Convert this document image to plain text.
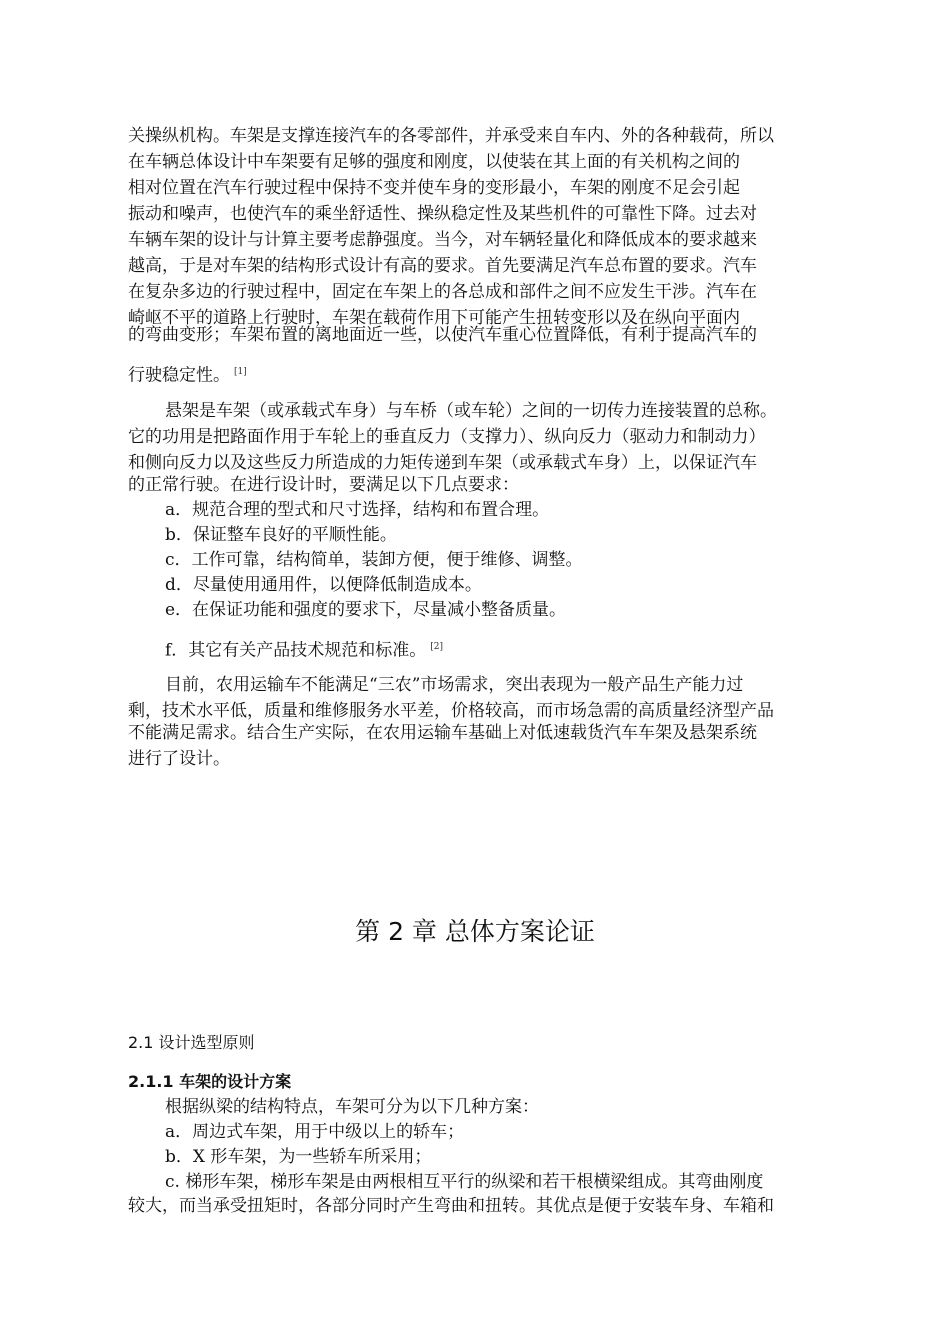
关操纵机构。车架是支撑连接汽车的各零部件，并承受来自车内、外的各种载荷，所以
在车辆总体设计中车架要有足够的强度和刚度，以使装在其上面的有关机构之间的
相对位置在汽车行驶过程中保持不变并使车身的变形最小，车架的刚度不足会引起
振动和噪声，也使汽车的乘坐舒适性、操纵稳定性及某些机件的可靠性下降。过去对
车辆车架的设计与计算主要考虑静强度。当今，对车辆轻量化和降低成本的要求越来
越高，于是对车架的结构形式设计有高的要求。首先要满足汽车总布置的要求。汽车
在复杂多边的行驶过程中，固定在车架上的各总成和部件之间不应发生干涉。汽车在
崎岖不平的道路上行驶时，车架在载荷作用下可能产生扭转变形以及在纵向平面内
的弯曲变形；车架布置的离地面近一些，以使汽车重心位置降低，有利于提高汽车的
行驶稳定性。 [1]
悬架是车架（或承载式车身）与车桥（或车轮）之间的一切传力连接装置的总称。
它的功用是把路面作用于车轮上的垂直反力（支撑力）、纵向反力（驱动力和制动力）
和侧向反力以及这些反力所造成的力矩传递到车架（或承载式车身）上，以保证汽车
的正常行驶。在进行设计时，要满足以下几点要求：
a．规范合理的型式和尺寸选择，结构和布置合理。
b．保证整车良好的平顺性能。
c．工作可靠，结构简单，装卸方便，便于维修、调整。
d．尽量使用通用件，以便降低制造成本。
e．在保证功能和强度的要求下，尽量减小整备质量。
f．其它有关产品技术规范和标准。 [2]
目前，农用运输车不能满足“三农”市场需求，突出表现为一般产品生产能力过
剩，技术水平低，质量和维修服务水平差，价格较高，而市场急需的高质量经济型产品
不能满足需求。结合生产实际，在农用运输车基础上对低速载货汽车车架及悬架系统
进行了设计。
第 2 章 总体方案论证
2.1 设计选型原则
2.1.1 车架的设计方案
根据纵梁的结构特点，车架可分为以下几种方案：
a．周边式车架，用于中级以上的轿车；
b．X 形车架，为一些轿车所采用；
c. 梯形车架，梯形车架是由两根相互平行的纵梁和若干根横梁组成。其弯曲刚度
较大，而当承受扭矩时，各部分同时产生弯曲和扭转。其优点是便于安装车身、车箱和
